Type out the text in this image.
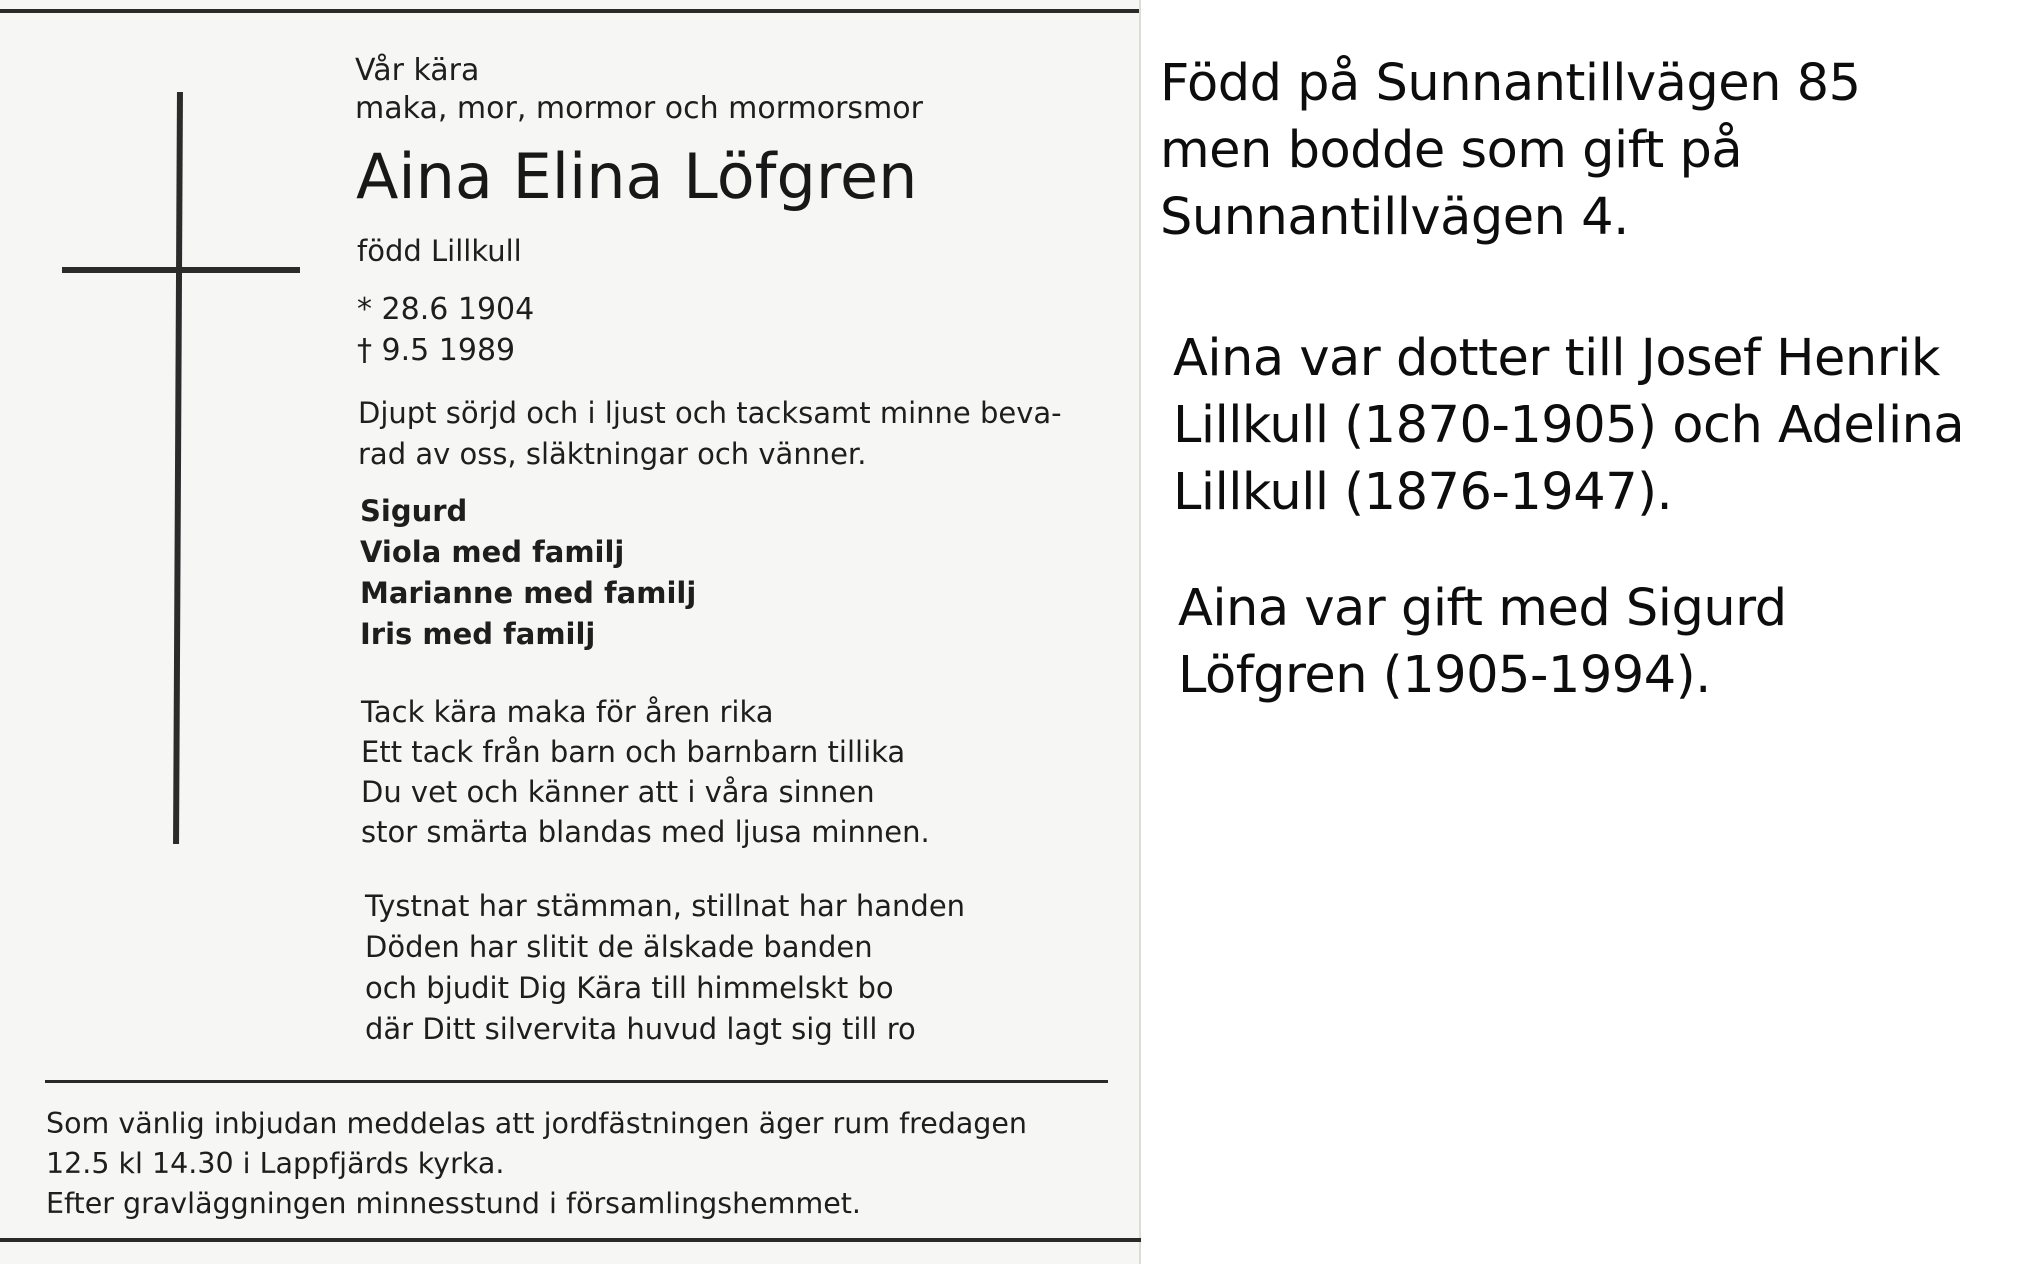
Vår kära
maka, mor, mormor och mormorsmor

Aina Elina Löfgren

född Lillkull

* 28.6 1904
† 9.5 1989

Djupt sörjd och i ljust och tacksamt minne beva-
rad av oss, släktningar och vänner.

Sigurd
Viola med familj
Marianne med familj
Iris med familj

Tack kära maka för åren rika
Ett tack från barn och barnbarn tillika
Du vet och känner att i våra sinnen
stor smärta blandas med ljusa minnen.

Tystnat har stämman, stillnat har handen
Döden har slitit de älskade banden
och bjudit Dig Kära till himmelskt bo
där Ditt silvervita huvud lagt sig till ro

Som vänlig inbjudan meddelas att jordfästningen äger rum fredagen
12.5 kl 14.30 i Lappfjärds kyrka.
Efter gravläggningen minnesstund i församlingshemmet.

Född på Sunnantillvägen 85
men bodde som gift på
Sunnantillvägen 4.

Aina var dotter till Josef Henrik
Lillkull (1870-1905) och Adelina
Lillkull (1876-1947).

Aina var gift med Sigurd
Löfgren (1905-1994).
